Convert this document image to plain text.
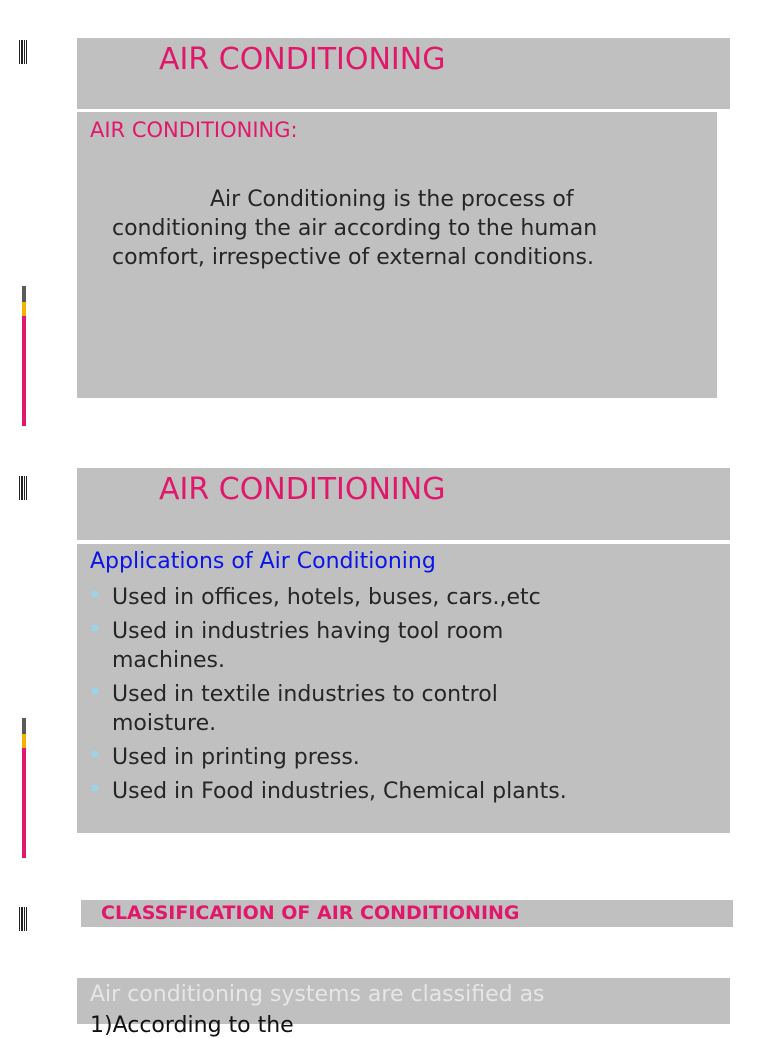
AIR CONDITIONING
AIR CONDITIONING:
Air Conditioning is the process of
conditioning the air according to the human
comfort, irrespective of external conditions.
AIR CONDITIONING
Applications of Air Conditioning
Used in offices, hotels, buses, cars.,etc
Used in industries having tool room machines.
Used in textile industries to control moisture.
Used in printing press.
Used in Food industries, Chemical plants.
CLASSIFICATION OF AIR CONDITIONING
Air conditioning systems are classified as
1)According to the
